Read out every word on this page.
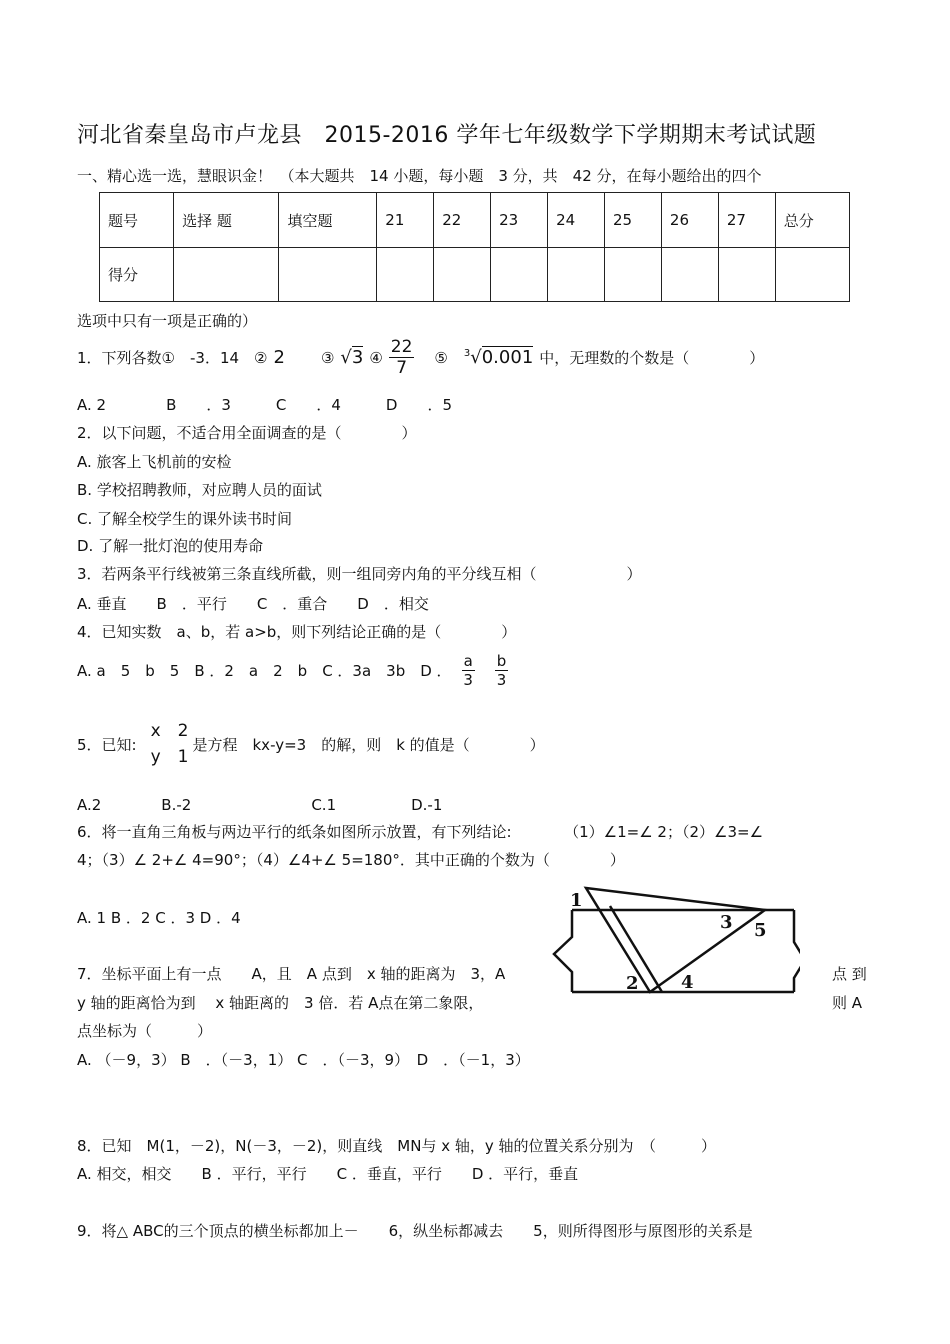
河北省秦皇岛市卢龙县　2015-2016 学年七年级数学下学期期末考试试题
一、精心选一选，慧眼识金！　（本大题共　14 小题，每小题　3 分，共　42 分，在每小题给出的四个
题号	选择 题	填空题	21	22	23	24	25	26	27	总分
得分										
选项中只有一项是正确的）
1．下列各数①　-3．14　② 2 ③ √3 ④ $\frac{22}{7}$ ⑤ $^3$√0.001 中，无理数的个数是（　　　　）
A. 2　　　　B　　．3　　　C　　．4　　　D　　．5
2．以下问题，不适合用全面调查的是（　　　　）
A. 旅客上飞机前的安检
B. 学校招聘教师，对应聘人员的面试
C. 了解全校学生的课外读书时间
D. 了解一批灯泡的使用寿命
3．若两条平行线被第三条直线所截，则一组同旁内角的平分线互相（　　　　　　）
A. 垂直　　B　．平行　　C　．重合　　D　．相交
4．已知实数　a、b，若 a>b，则下列结论正确的是（　　　　）
A. a　5　b　5　B ．2　a　2　b　C ．3a　3b　D ． $\frac{a}{3} \frac{b}{3}$
5．已知:
x　2
y　1
是方程　kx-y=3　的解，则　k 的值是（　　　　）
A.2　　　　B.-2　　　　　　　　C.1　　　　　D.-1
6．将一直角三角板与两边平行的纸条如图所示放置，有下列结论:　　　　（1）∠1=∠ 2；（2）∠3=∠
4；（3）∠ 2+∠ 4=90°；（4）∠4+∠ 5=180°．其中正确的个数为（　　　　）
A. 1 B ．2 C ．3 D ．4
1
2
3
4
5
7．坐标平面上有一点　　A，且　A 点到　x 轴的距离为　3，A	点 到
y 轴的距离恰为到　 x 轴距离的　3 倍．若 A点在第二象限，	则 A
点坐标为（　　　）
A. （－9，3） B　．（－3，1） C　．（－3，9）　D　．（－1，3）
8．已知　M(1，－2)，N(－3，－2)，则直线　MN与 x 轴，y 轴的位置关系分别为　（　　　）
A. 相交，相交　　B ．平行，平行　　C ．垂直，平行　　D ．平行，垂直
9．将△ ABC的三个顶点的横坐标都加上－　　6，纵坐标都减去　　5，则所得图形与原图形的关系是
